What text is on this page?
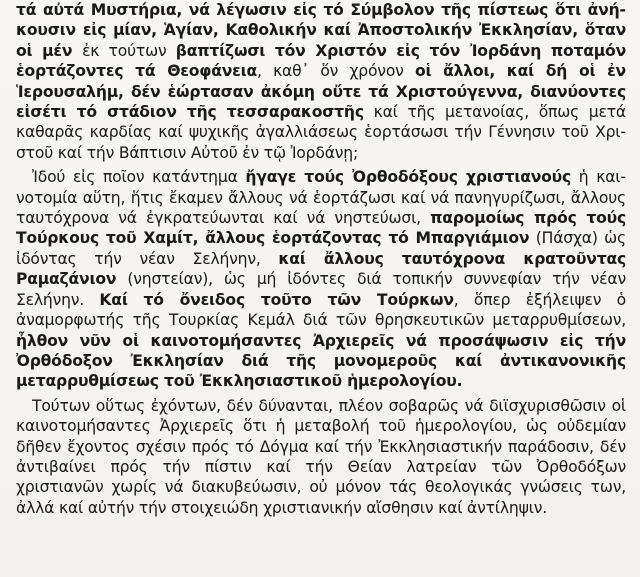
τά αὐτά Μυστήρια, νά λέγωσιν εἰς τό Σύμβολον τῆς πίστεως ὅτι ἀνήκουσιν εἰς μίαν, Ἁγίαν, Καθολικήν καί Ἀποστολικήν Ἐκκλησίαν, ὅταν οἱ μέν ἐκ τούτων βαπτίζωσι τόν Χριστόν εἰς τόν Ἰορδάνη ποταμόν ἑορτάζοντες τά Θεοφάνεια, καθ᾽ ὅν χρόνον οἱ ἄλλοι, καί δή οἱ ἐν Ἱερουσαλήμ, δέν ἑώρτασαν ἀκόμη οὔτε τά Χριστούγεννα, διανύοντες εἰσέτι τό στάδιον τῆς τεσσαρακοστῆς καί τῆς μετανοίας, ὅπως μετά καθαρᾶς καρδίας καί ψυχικῆς ἀγαλλιάσεως ἑορτάσωσι τήν Γέννησιν τοῦ Χριστοῦ καί τήν Βάπτισιν Αὐτοῦ ἐν τῷ Ἰορδάνῃ;

Ἰδού εἰς ποῖον κατάντημα ἤγαγε τούς Ὀρθοδόξους χριστιανούς ἡ καινοτομία αὕτη, ἥτις ἔκαμεν ἄλλους νά ἑορτάζωσι καί νά πανηγυρίζωσι, ἄλλους ταυτόχρονα νά ἐγκρατεύωνται καί νά νηστεύωσι, παρομοίως πρός τούς Τούρκους τοῦ Χαμίτ, ἄλλους ἑορτάζοντας τό Μπαργιάμιον (Πάσχα) ὡς ἰδόντας τήν νέαν Σελήνην, καί ἄλλους ταυτόχρονα κρατοῦντας Ραμαζάνιον (νηστείαν), ὡς μή ἰδόντες διά τοπικήν συννεφίαν τήν νέαν Σελήνην. Καί τό ὄνειδος τοῦτο τῶν Τούρκων, ὅπερ ἐξήλειψεν ὁ ἀναμορφωτής τῆς Τουρκίας Κεμάλ διά τῶν θρησκευτικῶν μεταρρυθμίσεων, ἦλθον νῦν οἱ καινοτομήσαντες Ἀρχιερεῖς νά προσάψωσιν εἰς τήν Ὀρθόδοξον Ἐκκλησίαν διά τῆς μονομεροῦς καί ἀντικανονικῆς μεταρρυθμίσεως τοῦ Ἐκκλησιαστικοῦ ἡμερολογίου.

Τούτων οὕτως ἐχόντων, δέν δύνανται, πλέον σοβαρῶς νά διϊσχυρισθῶσιν οἱ καινοτομήσαντες Ἀρχιερεῖς ὅτι ἡ μεταβολή τοῦ ἡμερολογίου, ὡς οὐδεμίαν δῆθεν ἔχοντος σχέσιν πρός τό Δόγμα καί τήν Ἐκκλησιαστικήν παράδοσιν, δέν ἀντιβαίνει πρός τήν πίστιν καί τήν Θείαν λατρείαν τῶν Ὀρθοδόξων χριστιανῶν χωρίς νά διακυβεύωσιν, οὐ μόνον τάς θεολογικάς γνώσεις των, ἀλλά καί αὐτήν τήν στοιχειώδη χριστιανικήν αἴσθησιν καί ἀντίληψιν.
